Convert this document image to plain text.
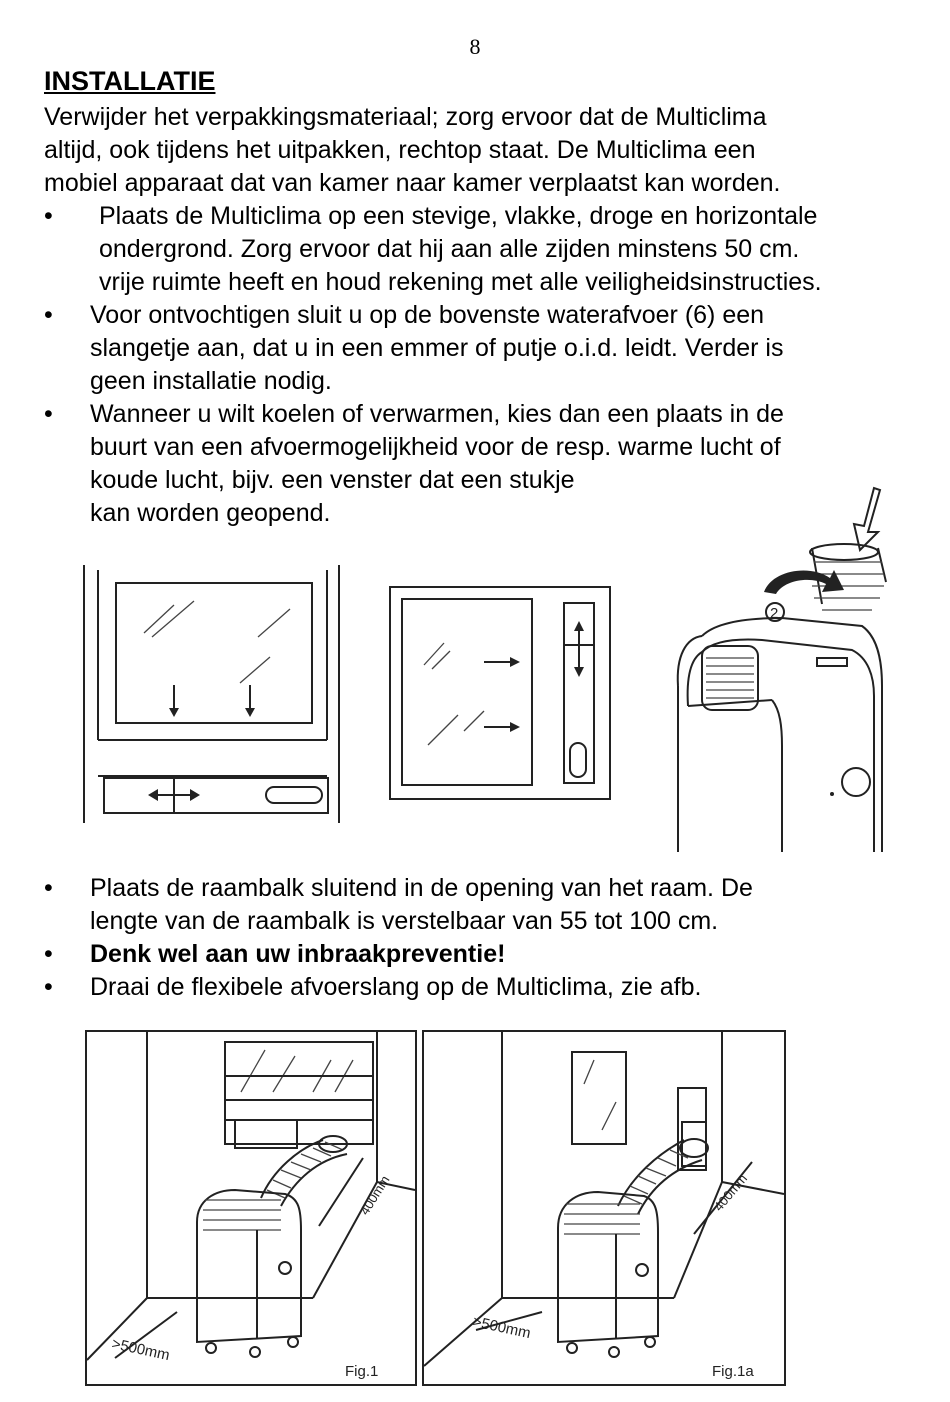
8
INSTALLATIE
Verwijder het verpakkingsmateriaal; zorg ervoor dat de Multiclima
altijd, ook tijdens het uitpakken, rechtop staat. De Multiclima een
mobiel apparaat dat van kamer naar kamer verplaatst kan worden.
•	Plaats de Multiclima op een stevige, vlakke, droge en horizontale
ondergrond. Zorg ervoor dat hij aan alle zijden minstens 50 cm.
vrije ruimte heeft en houd rekening met alle veiligheidsinstructies.
•	Voor ontvochtigen sluit u op de bovenste waterafvoer (6) een
slangetje aan, dat u in een emmer of putje o.i.d. leidt. Verder is
geen installatie nodig.
•	Wanneer u wilt koelen of verwarmen, kies dan een plaats in de
buurt van een afvoermogelijkheid voor de resp. warme lucht of
koude lucht, bijv. een venster dat een stukje
kan worden geopend.
2
•	Plaats de raambalk sluitend in de opening van het raam. De
lengte van de raambalk is verstelbaar van 55 tot 100 cm.
•	Denk wel aan uw inbraakpreventie!
•	Draai de flexibele afvoerslang op de Multiclima, zie afb.
400mm
>500mm
Fig.1
400mm
>500mm
Fig.1a
